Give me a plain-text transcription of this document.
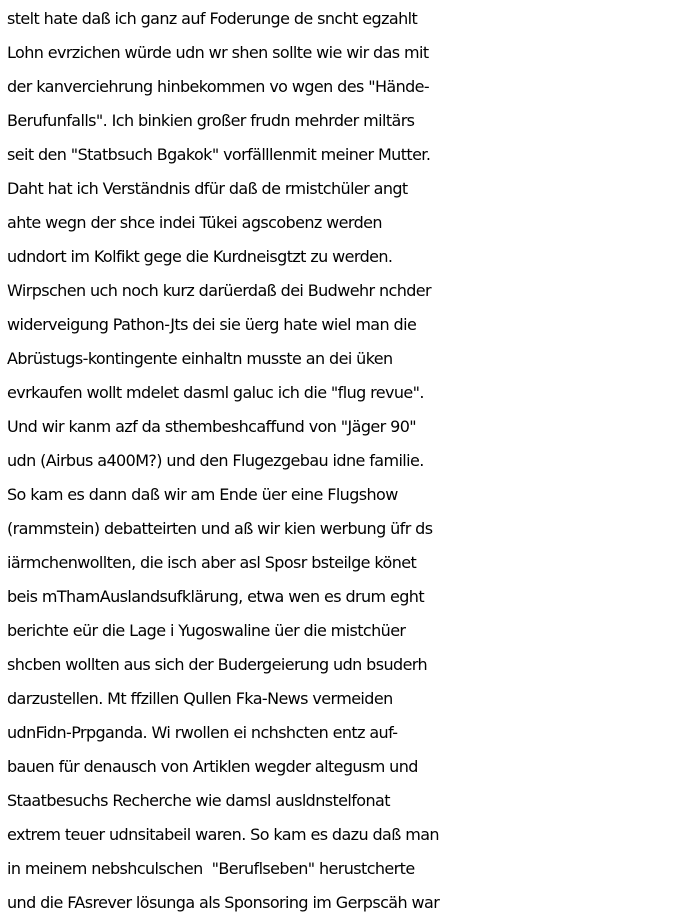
stelt hate daß ich ganz auf Foderunge de sncht egzahlt
Lohn evrzichen würde udn wr shen sollte wie wir das mit
der kanverciehrung hinbekommen vo wgen des "Hände-
Berufunfalls". Ich binkien großer frudn mehrder miltärs
seit den "Statbsuch Bgakok" vorfälllenmit meiner Mutter.
Daht hat ich Verständnis dfür daß de rmistchüler angt
ahte wegn der shce indei Tükei agscobenz werden
udndort im Kolfikt gege die Kurdneisgtzt zu werden.
Wirpschen uch noch kurz darüerdaß dei Budwehr nchder
widerveigung Pathon-Jts dei sie üerg hate wiel man die
Abrüstugs-kontingente einhaltn musste an dei üken
evrkaufen wollt mdelet dasml galuc ich die "flug revue".
Und wir kanm azf da sthembeshcaffund von "Jäger 90"
udn (Airbus a400M?) und den Flugezgebau idne familie.
So kam es dann daß wir am Ende üer eine Flugshow
(rammstein) debatteirten und aß wir kien werbung üfr ds
iärmchenwollten, die isch aber asl Sposr bsteilge könet
beis mThamAuslandsufklärung, etwa wen es drum eght
berichte eür die Lage i Yugoswaline üer die mistchüer
shcben wollten aus sich der Budergeierung udn bsuderh
darzustellen. Mt ffzillen Qullen Fka-News vermeiden
udnFidn-Prpganda. Wi rwollen ei nchshcten entz auf-
bauen für denausch von Artiklen wegder altegusm und
Staatbesuchs Recherche wie damsl ausldnstelfonat
extrem teuer udnsitabeil waren. So kam es dazu daß man
in meinem nebshculschen  "Beruflseben" herustcherte
und die FAsrever lösunga als Sponsoring im Gerpscäh war
